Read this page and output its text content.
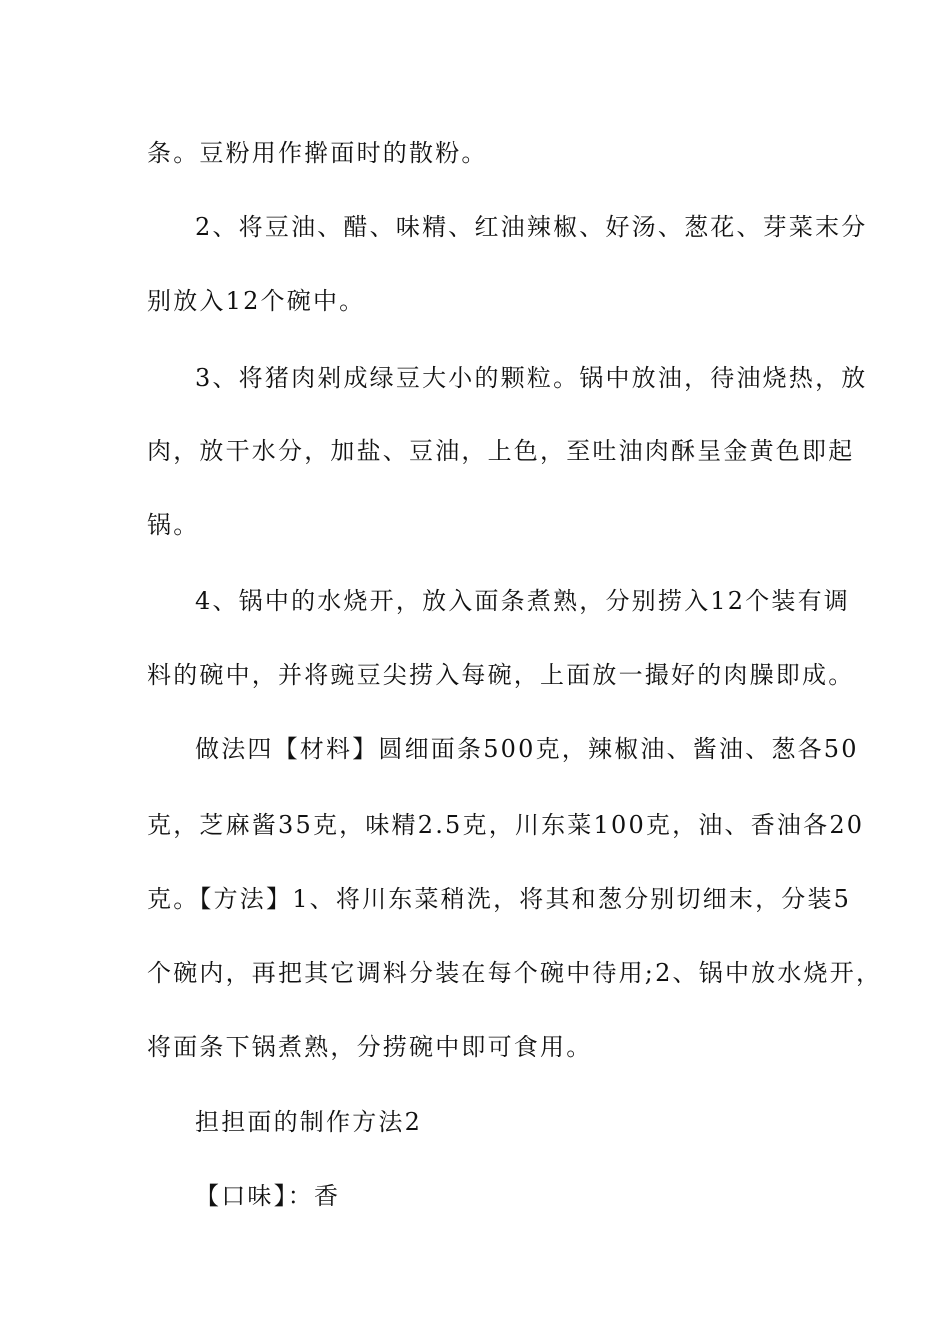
条。豆粉用作擀面时的散粉。
2、将豆油、醋、味精、红油辣椒、好汤、葱花、芽菜末分
别放入12个碗中。
3、将猪肉剁成绿豆大小的颗粒。锅中放油，待油烧热，放
肉，放干水分，加盐、豆油，上色，至吐油肉酥呈金黄色即起
锅。
4、锅中的水烧开，放入面条煮熟，分别捞入12个装有调
料的碗中，并将豌豆尖捞入每碗，上面放一撮好的肉臊即成。
做法四【材料】圆细面条500克，辣椒油、酱油、葱各50
克，芝麻酱35克，味精2.5克，川东菜100克，油、香油各20
克。【方法】1、将川东菜稍洗，将其和葱分别切细末，分装5
个碗内，再把其它调料分装在每个碗中待用;2、锅中放水烧开，
将面条下锅煮熟，分捞碗中即可食用。
担担面的制作方法2
【口味】：香
